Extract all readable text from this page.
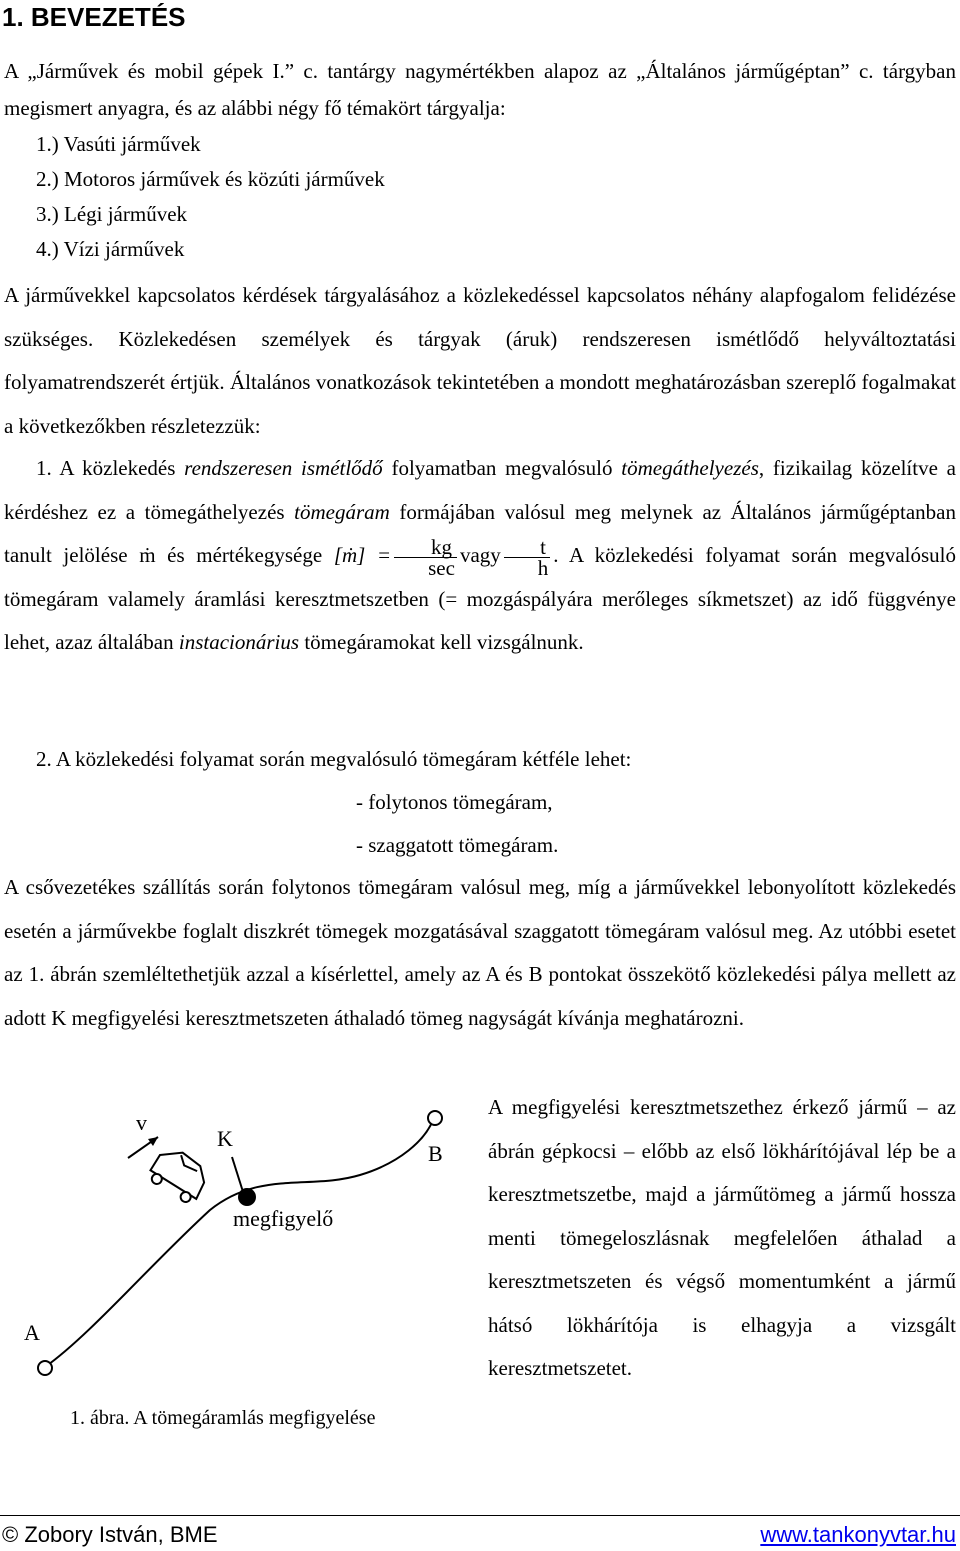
1. BEVEZETÉS

A „Járművek és mobil gépek I.” c. tantárgy nagymértékben alapoz az „Általános járműgéptan” c. tárgyban megismert anyagra, és az alábbi négy fő témakört tárgyalja:

1.) Vasúti járművek
2.) Motoros járművek és közúti járművek
3.) Légi járművek
4.) Vízi járművek

A járművekkel kapcsolatos kérdések tárgyalásához a közlekedéssel kapcsolatos néhány alapfogalom felidézése szükséges. Közlekedésen személyek és tárgyak (áruk) rendszeresen ismétlődő helyváltoztatási folyamatrendszerét értjük. Általános vonatkozások tekintetében a mondott meghatározásban szereplő fogalmakat a következőkben részletezzük:

1. A közlekedés rendszeresen ismétlődő folyamatban megvalósuló tömegáthelyezés, fizikailag közelítve a kérdéshez ez a tömegáthelyezés tömegáram formájában valósul meg melynek az Általános járműgéptanban tanult jelölése ṁ és mértékegysége [ṁ] = $\frac{kg}{\sec}$ vagy $\frac{t}{h}$ . A közlekedési folyamat során megvalósuló tömegáram valamely áramlási keresztmetszetben (= mozgáspályára merőleges síkmetszet) az idő függvénye lehet, azaz általában instacionárius tömegáramokat kell vizsgálnunk.

2. A közlekedési folyamat során megvalósuló tömegáram kétféle lehet:

- folytonos tömegáram,

- szaggatott tömegáram.

A csővezetékes szállítás során folytonos tömegáram valósul meg, míg a járművekkel lebonyolított közlekedés esetén a járművekbe foglalt diszkrét tömegek mozgatásával szaggatott tömegáram valósul meg. Az utóbbi esetet az 1. ábrán szemléltethetjük azzal a kísérlettel, amely az A és B pontokat összekötő közlekedési pálya mellett az adott K megfigyelési keresztmetszeten áthaladó tömeg nagyságát kívánja meghatározni.

v
K
B
megfigyelő
A

A megfigyelési keresztmetszethez érkező jármű – az ábrán gépkocsi – előbb az első lökhárítójával lép be a keresztmetszetbe, majd a járműtömeg a jármű hossza menti tömegeloszlásnak megfelelően áthalad a keresztmetszeten és végső momentumként a jármű hátsó lökhárítója is elhagyja a vizsgált keresztmetszetet.

1. ábra. A tömegáramlás megfigyelése
© Zobory István, BME	www.tankonyvtar.hu
